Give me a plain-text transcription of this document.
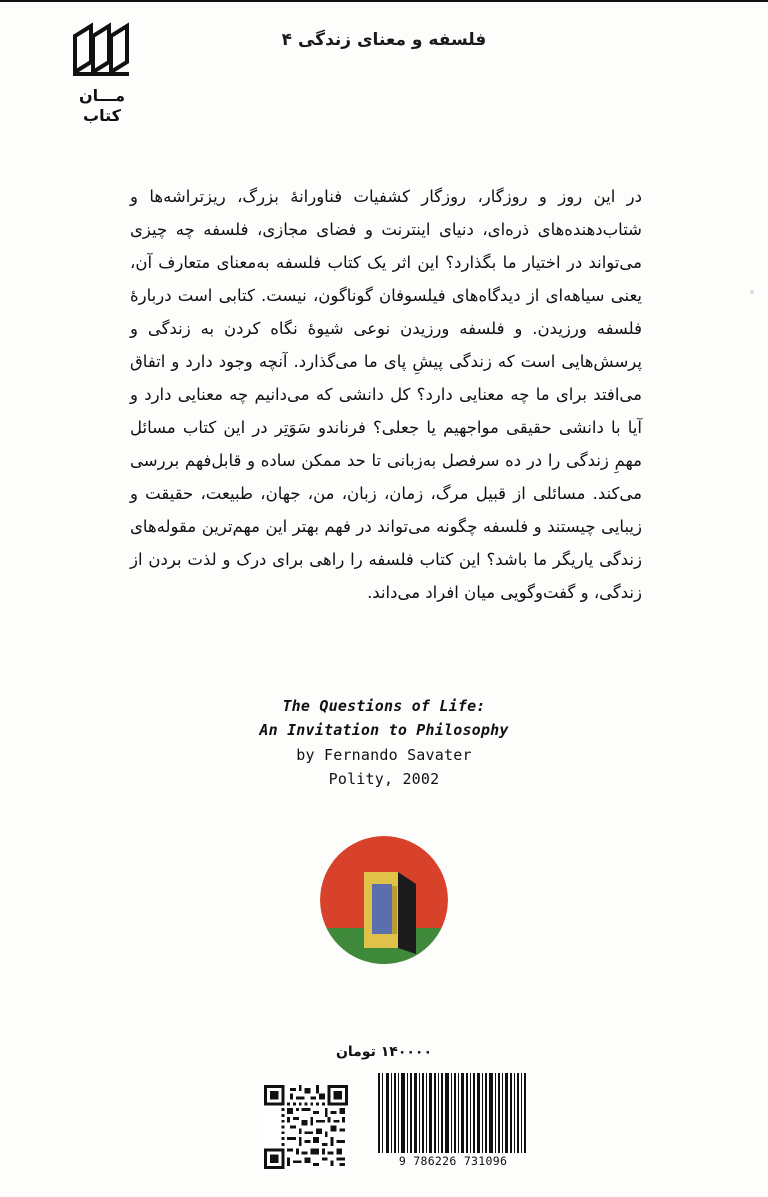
فلسفه و معنای زندگی ۴
مـــان
کتاب

در این روز و روزگار، روزگار کشفیات فناورانهٔ بزرگ، ریزتراشه‌ها و شتاب‌دهنده‌های ذره‌ای، دنیای اینترنت و فضای مجازی، فلسفه چه چیزی می‌تواند در اختیار ما بگذارد؟ این اثر یک کتاب فلسفه به‌معنای متعارف آن، یعنی سیاهه‌ای از دیدگاه‌های فیلسوفان گوناگون، نیست. کتابی است دربارهٔ فلسفه ورزیدن. و فلسفه ورزیدن نوعی شیوهٔ نگاه کردن به زندگی و پرسش‌هایی است که زندگی پیشِ پای ما می‌گذارد. آنچه وجود دارد و اتفاق می‌افتد برای ما چه معنایی دارد؟ کل دانشی که می‌دانیم چه معنایی دارد و آیا با دانشی حقیقی مواجهیم یا جعلی؟ فرناندو سَوَتِر در این کتاب مسائل مهمِ زندگی را در ده سرفصل به‌زبانی تا حد ممکن ساده و قابل‌فهم بررسی می‌کند. مسائلی از قبیل مرگ، زمان، زبان، من، جهان، طبیعت، حقیقت و زیبایی چیستند و فلسفه چگونه می‌تواند در فهم بهتر این مهم‌ترین مقوله‌های زندگی یاریگر ما باشد؟ این کتاب فلسفه را راهی برای درک و لذت بردن از زندگی، و گفت‌وگویی میان افراد می‌داند.

The Questions of Life:
An Invitation to Philosophy
by Fernando Savater
Polity, 2002
۱۴۰۰۰۰ تومان
9 786226 731096
